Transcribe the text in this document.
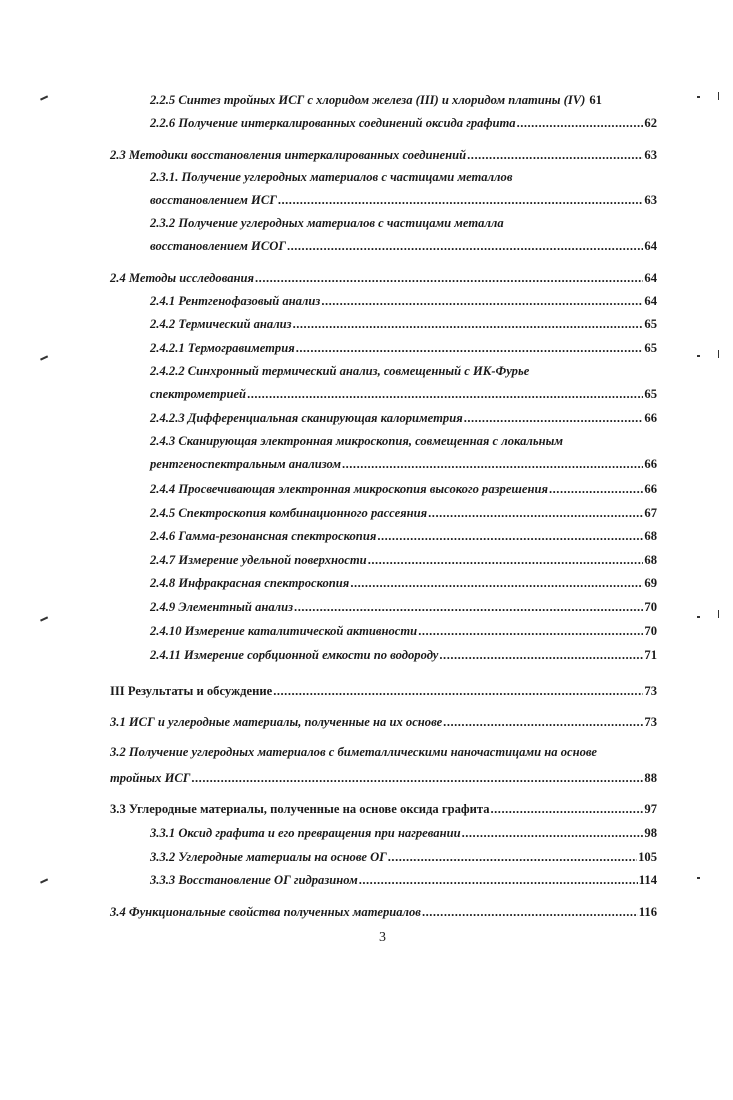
2.2.5 Синтез тройных ИСГ с хлоридом железа (III) и хлоридом платины (IV) 61
2.2.6 Получение интеркалированных соединений оксида графита .....	62
2.3 Методики восстановления интеркалированных соединений .....	63
2.3.1. Получение углеродных материалов с частицами металлов
восстановлением ИСГ .....	63
2.3.2 Получение углеродных материалов с частицами металла
восстановлением ИСОГ .....	64
2.4 Методы исследования .....	64
2.4.1 Рентгенофазовый анализ .....	64
2.4.2 Термический анализ .....	65
2.4.2.1 Термогравиметрия .....	65
2.4.2.2 Синхронный термический анализ, совмещенный с ИК-Фурье
спектрометрией .....	65
2.4.2.3 Дифференциальная сканирующая калориметрия .....	66
2.4.3 Сканирующая электронная микроскопия, совмещенная с локальным
рентгеноспектральным анализом .....	66
2.4.4 Просвечивающая электронная микроскопия высокого разрешения .....	66
2.4.5 Спектроскопия комбинационного рассеяния .....	67
2.4.6 Гамма-резонансная спектроскопия .....	68
2.4.7 Измерение удельной поверхности .....	68
2.4.8 Инфракрасная спектроскопия .....	69
2.4.9 Элементный анализ .....	70
2.4.10 Измерение каталитической активности .....	70
2.4.11 Измерение сорбционной емкости по водороду .....	71
III Результаты и обсуждение .....	73
3.1 ИСГ и углеродные материалы, полученные на их основе .....	73
3.2 Получение углеродных материалов с биметаллическими наночастицами на основе
тройных ИСГ .....	88
3.3 Углеродные материалы, полученные на основе оксида графита .....	97
3.3.1 Оксид графита и его превращения при нагревании .....	98
3.3.2 Углеродные материалы на основе ОГ .....	105
3.3.3 Восстановление ОГ гидразином .....	114
3.4 Функциональные свойства полученных материалов .....	116
3
